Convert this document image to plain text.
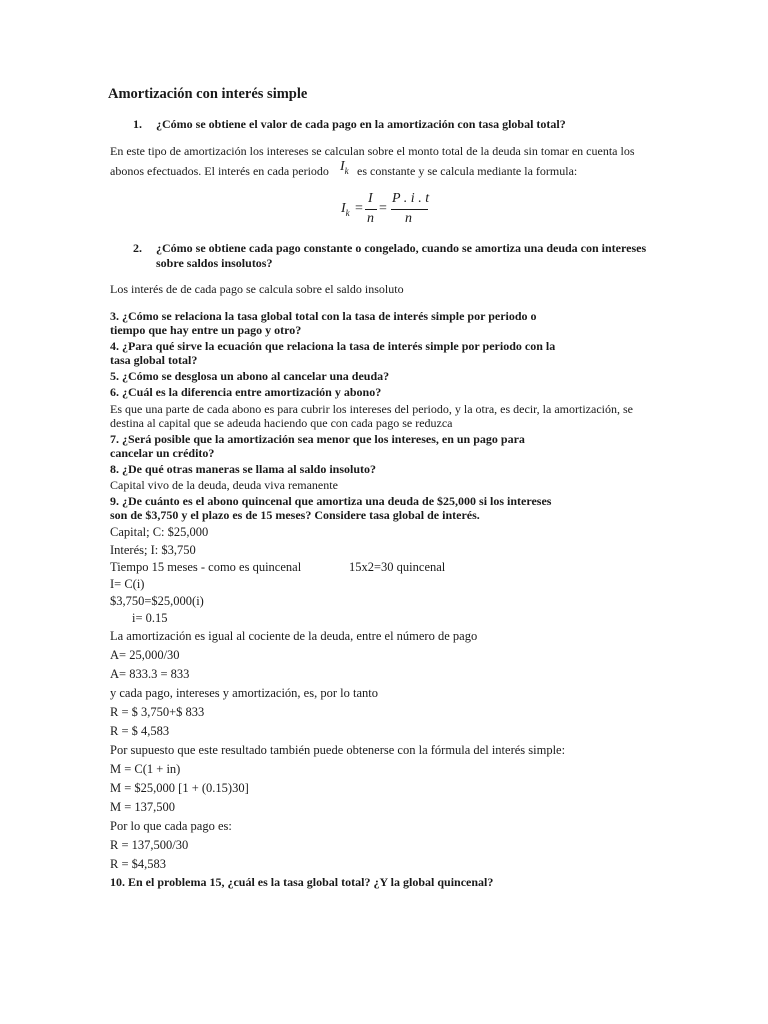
Amortización con interés simple
1. ¿Cómo se obtiene el valor de cada pago en la amortización con tasa global total?
En este tipo de amortización los intereses se calculan sobre el monto total de la deuda sin tomar en cuenta los
abonos efectuados. El interés en cada periodo $I_k$ es constante y se calcula mediante la formula:
$I_k$ =
I
n
=
P . i . t
n
2. ¿Cómo se obtiene cada pago constante o congelado, cuando se amortiza una deuda con intereses
sobre saldos insolutos?
Los interés de de cada pago se calcula sobre el saldo insoluto
3. ¿Cómo se relaciona la tasa global total con la tasa de interés simple por periodo o
tiempo que hay entre un pago y otro?
4. ¿Para qué sirve la ecuación que relaciona la tasa de interés simple por periodo con la
tasa global total?
5. ¿Cómo se desglosa un abono al cancelar una deuda?
6. ¿Cuál es la diferencia entre amortización y abono?
Es que una parte de cada abono es para cubrir los intereses del periodo, y la otra, es decir, la amortización, se
destina al capital que se adeuda haciendo que con cada pago se reduzca
7. ¿Será posible que la amortización sea menor que los intereses, en un pago para
cancelar un crédito?
8. ¿De qué otras maneras se llama al saldo insoluto?
Capital vivo de la deuda, deuda viva remanente
9. ¿De cuánto es el abono quincenal que amortiza una deuda de $25,000 si los intereses
son de $3,750 y el plazo es de 15 meses? Considere tasa global de interés.
Capital; C: $25,000
Interés; I: $3,750
Tiempo 15 meses - como es quincenal	15x2=30 quincenal
I= C(i)
$3,750=$25,000(i)
i= 0.15
La amortización es igual al cociente de la deuda, entre el número de pago
A= 25,000/30
A= 833.3 = 833
y cada pago, intereses y amortización, es, por lo tanto
R = $ 3,750+$ 833
R = $ 4,583
Por supuesto que este resultado también puede obtenerse con la fórmula del interés simple:
M = C(1 + in)
M = $25,000 [1 + (0.15)30]
M = 137,500
Por lo que cada pago es:
R = 137,500/30
R = $4,583
10. En el problema 15, ¿cuál es la tasa global total? ¿Y la global quincenal?
